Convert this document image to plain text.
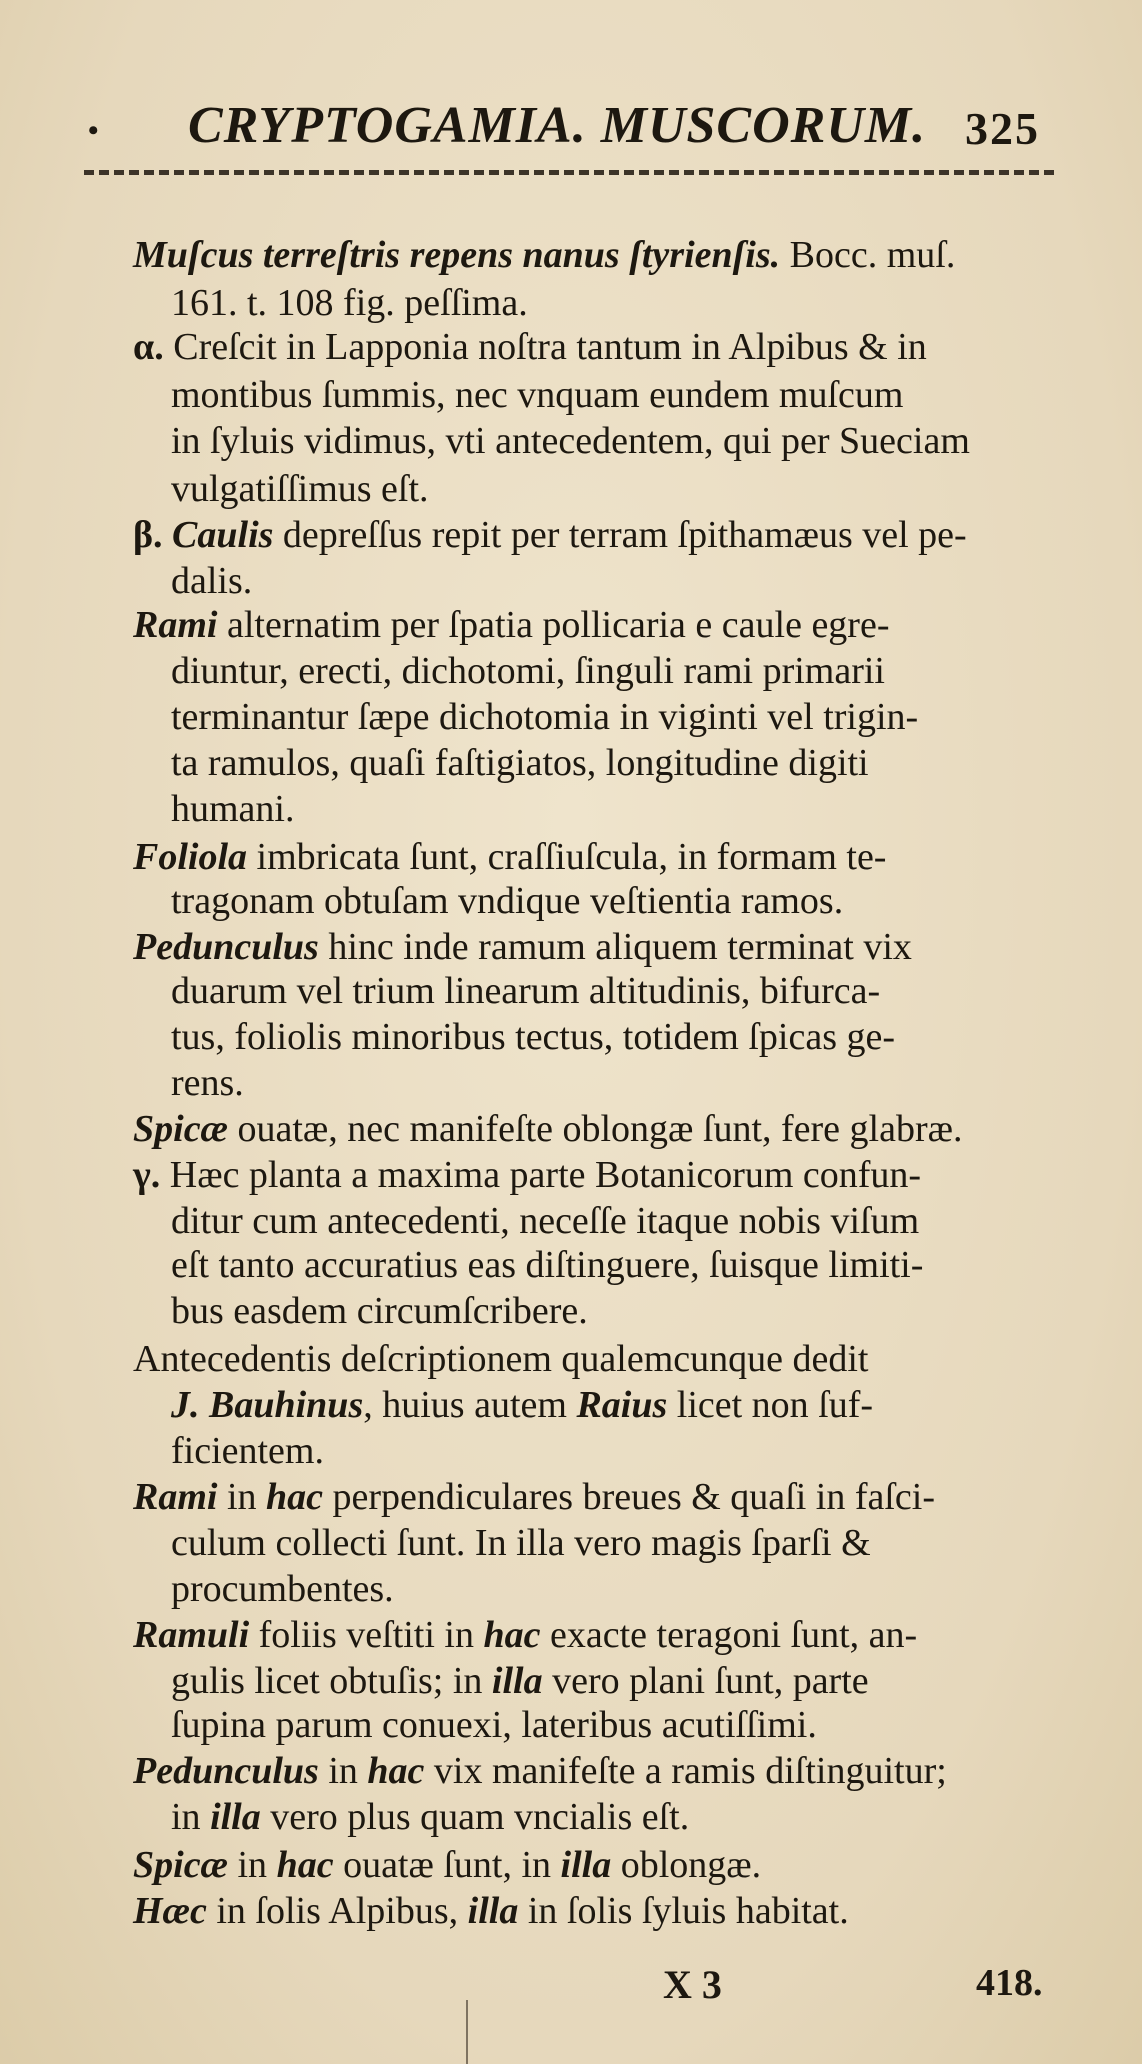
• CRYPTOGAMIA. MUSCORUM. 325
Muſcus terreſtris repens nanus ſtyrienſis. Bocc. muſ.
161. t. 108 fig. peſſima.
α. Creſcit in Lapponia noſtra tantum in Alpibus & in
montibus ſummis, nec vnquam eundem muſcum
in ſyluis vidimus, vti antecedentem, qui per Sueciam
vulgatiſſimus eſt.
β. Caulis depreſſus repit per terram ſpithamæus vel pe-
dalis.
Rami alternatim per ſpatia pollicaria e caule egre-
diuntur, erecti, dichotomi, ſinguli rami primarii
terminantur ſæpe dichotomia in viginti vel trigin-
ta ramulos, quaſi faſtigiatos, longitudine digiti
humani.
Foliola imbricata ſunt, craſſiuſcula, in formam te-
tragonam obtuſam vndique veſtientia ramos.
Pedunculus hinc inde ramum aliquem terminat vix
duarum vel trium linearum altitudinis, bifurca-
tus, foliolis minoribus tectus, totidem ſpicas ge-
rens.
Spicæ ouatæ, nec manifeſte oblongæ ſunt, fere glabræ.
γ. Hæc planta a maxima parte Botanicorum confun-
ditur cum antecedenti, neceſſe itaque nobis viſum
eſt tanto accuratius eas diſtinguere, ſuisque limiti-
bus easdem circumſcribere.
Antecedentis deſcriptionem qualemcunque dedit
J. Bauhinus, huius autem Raius licet non ſuf-
ficientem.
Rami in hac perpendiculares breues & quaſi in faſci-
culum collecti ſunt. In illa vero magis ſparſi &
procumbentes.
Ramuli foliis veſtiti in hac exacte teragoni ſunt, an-
gulis licet obtuſis; in illa vero plani ſunt, parte
ſupina parum conuexi, lateribus acutiſſimi.
Pedunculus in hac vix manifeſte a ramis diſtinguitur;
in illa vero plus quam vncialis eſt.
Spicæ in hac ouatæ ſunt, in illa oblongæ.
Hæc in ſolis Alpibus, illa in ſolis ſyluis habitat.
X 3	418.
